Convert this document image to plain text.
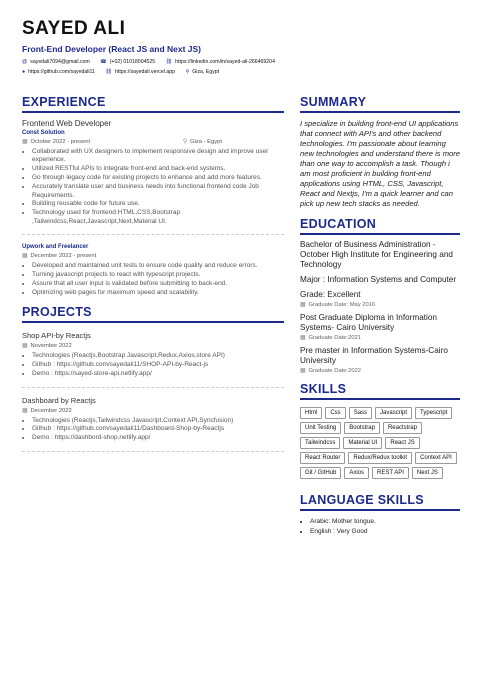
SAYED ALI
Front-End Developer (React JS and Next JS)
@ sayedali7094@gmail.com ☎ (+02) 01018004525 ⛓ https://linkedin.com/in/sayed-ali-266469204
● https://github.com/sayedali11 ⛓ https://sayedali.vercel.app ⚲ Giza, Egypt
EXPERIENCE
Frontend Web Developer
Const Solution
▦ October 2022 - present	⚲ Giza - Egypt
• Collaborated with UX designers to implement responsive design and improve user experience.
• Utilized RESTful APIs to integrate front-end and back-end systems.
• Go through legacy code for existing projects to enhance and add more features.
• Accurately translate user and business needs into functional frontend code Job Requirements.
• Building reusable code for future use.
• Technology used for frontend:HTML,CSS,Bootstrap ,Tailwindcss,React,Javascript,Next,Material UI.
Upwork and Freelancer
▦ December 2022 - present
• Developed and maintained unit tests to ensure code quality and reduce errors.
• Turning javascript projects to react with typescript projects.
• Assure that all user input is validated before submitting to back-end.
• Optimizing web pages for maximum speed and scalability.
PROJECTS
Shop API-by Reactjs
▦ November 2022
• Technologies (Reactjs,Bootstrap Javascript,Redux,Axios,store API)
• Github : https://github.com/sayedali11/SHOP-API-by-React-js
• Demo : https://sayed-store-api.netlify.app/
Dashboard by Reactjs
▦ December 2022
• Technologies (Reactjs,Tailwindcss Javascript,Context API,Syncfusion)
• Github : https://github.com/sayedali11/Dashboard-Shop-by-Reactjs
• Demo : https://dashbord-shop.netlify.app/
SUMMARY
I specialize in building front-end UI applications that connect with API's and other backend technologies. I'm passionate about learning new technologies and understand there is more than one way to accomplish a task. Though i am most proficient in building front-end applications using HTML, CSS, Javascript, React and Nextjs, I'm a quick learner and can pick up new tech stacks as needed.
EDUCATION
Bachelor of Business Administration - October High Institute for Engineering and Technology
Major : Information Systems and Computer
Grade: Excellent
▦ Graduate Date: May 2016
Post Graduate Diploma in Information Systems- Cairo University
▦ Graduate Date:2021
Pre master in Information Systems-Cairo University
▦ Graduate Date:2022
SKILLS
Html	Css	Sass	Javascript	Typescript
Unit Testing	Bootstrap	Reactstrap
Tailwindcss	Material UI	React JS
React Router	Redux/Redux toolkit	Context API
Git / GitHub	Axios	REST API	Next JS
LANGUAGE SKILLS
• Arabic: Mother tongue.
• English : Very Good
